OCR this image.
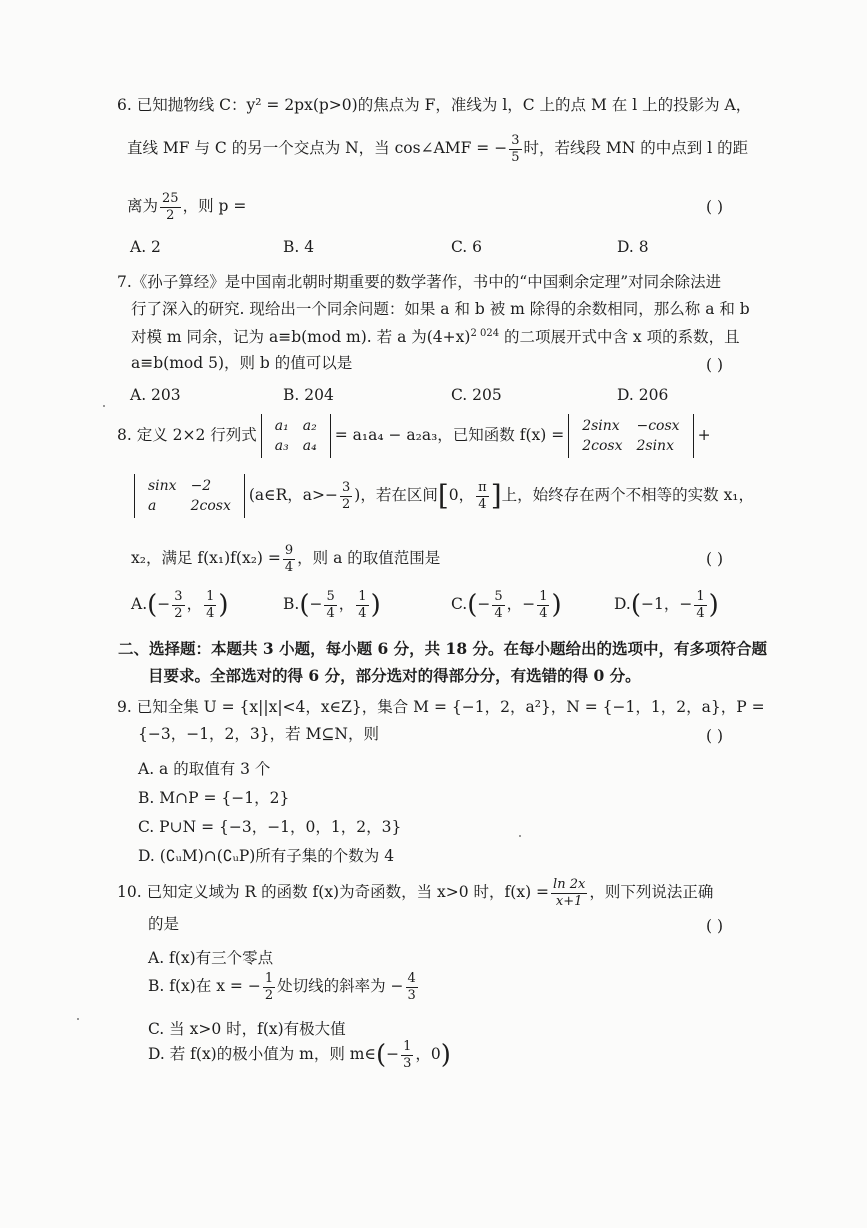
6. 已知抛物线 C：y² = 2px(p>0)的焦点为 F，准线为 l，C 上的点 M 在 l 上的投影为 A，
直线 MF 与 C 的另一个交点为 N，当 cos∠AMF = − $\frac{3}{5}$ 时，若线段 MN 的中点到 l 的距
离为 $\frac{25}{2}$ ，则 p =	( )
A. 2	B. 4	C. 6	D. 8
7.《孙子算经》是中国南北朝时期重要的数学著作，书中的“中国剩余定理”对同余除法进
行了深入的研究. 现给出一个同余问题：如果 a 和 b 被 m 除得的余数相同，那么称 a 和 b
对模 m 同余，记为 a≡b(mod m). 若 a 为$(4+x)^{2 024}$ 的二项展开式中含 x 项的系数，且
a≡b(mod 5)，则 b 的值可以是	( )
A. 203	B. 204	C. 205	D. 206
8. 定义 2×2 行列式 a₁	a₂
a₃	a₄
= a₁a₄ − a₂a₃，已知函数 f(x) = 2sinx	−cosx
2cosx	2sinx
+
sinx	−2
a	2cosx
(a∈R，$a>- \frac{3}{2}$ )，若在区间[0， $\frac{\pi}{4}$ ]上，始终存在两个不相等的实数 x₁，
x₂，满足 $f(x_1)f(x_2) = \frac{9}{4}$ ，则 a 的取值范围是	( )
$A.(- \frac{3}{2}$ ， $\frac{1}{4}$ )	$B.(- \frac{5}{4}$ ， $\frac{1}{4}$ )	$C.(- \frac{5}{4}$ ，− $\frac{1}{4}$ )	D.(−1，− $\frac{1}{4}$ )
二、选择题：本题共 3 小题，每小题 6 分，共 18 分。在每小题给出的选项中，有多项符合题
目要求。全部选对的得 6 分，部分选对的得部分分，有选错的得 0 分。
9. 已知全集 U = {x||x|<4，x∈Z}，集合 M = {−1，2，a²}，N = {−1，1，2，a}，P =
{−3，−1，2，3}，若 M⊆N，则	( )
A. a 的取值有 3 个
B. M∩P = {−1，2}
C. P∪N = {−3，−1，0，1，2，3}
D. (∁ᵤM)∩(∁ᵤP)所有子集的个数为 4
10. 已知定义域为 R 的函数 f(x)为奇函数，当 x>0 时，$f(x) = \frac{\ln 2x}{x+1}$ ，则下列说法正确
的是	( )
A. f(x)有三个零点
B. f(x)在 x = − $\frac{1}{2}$ 处切线的斜率为 − $\frac{4}{3}$
C. 当 x>0 时，f(x)有极大值
D. 若 f(x)的极小值为 m，则 m∈(− $\frac{1}{3}$ ，0)
